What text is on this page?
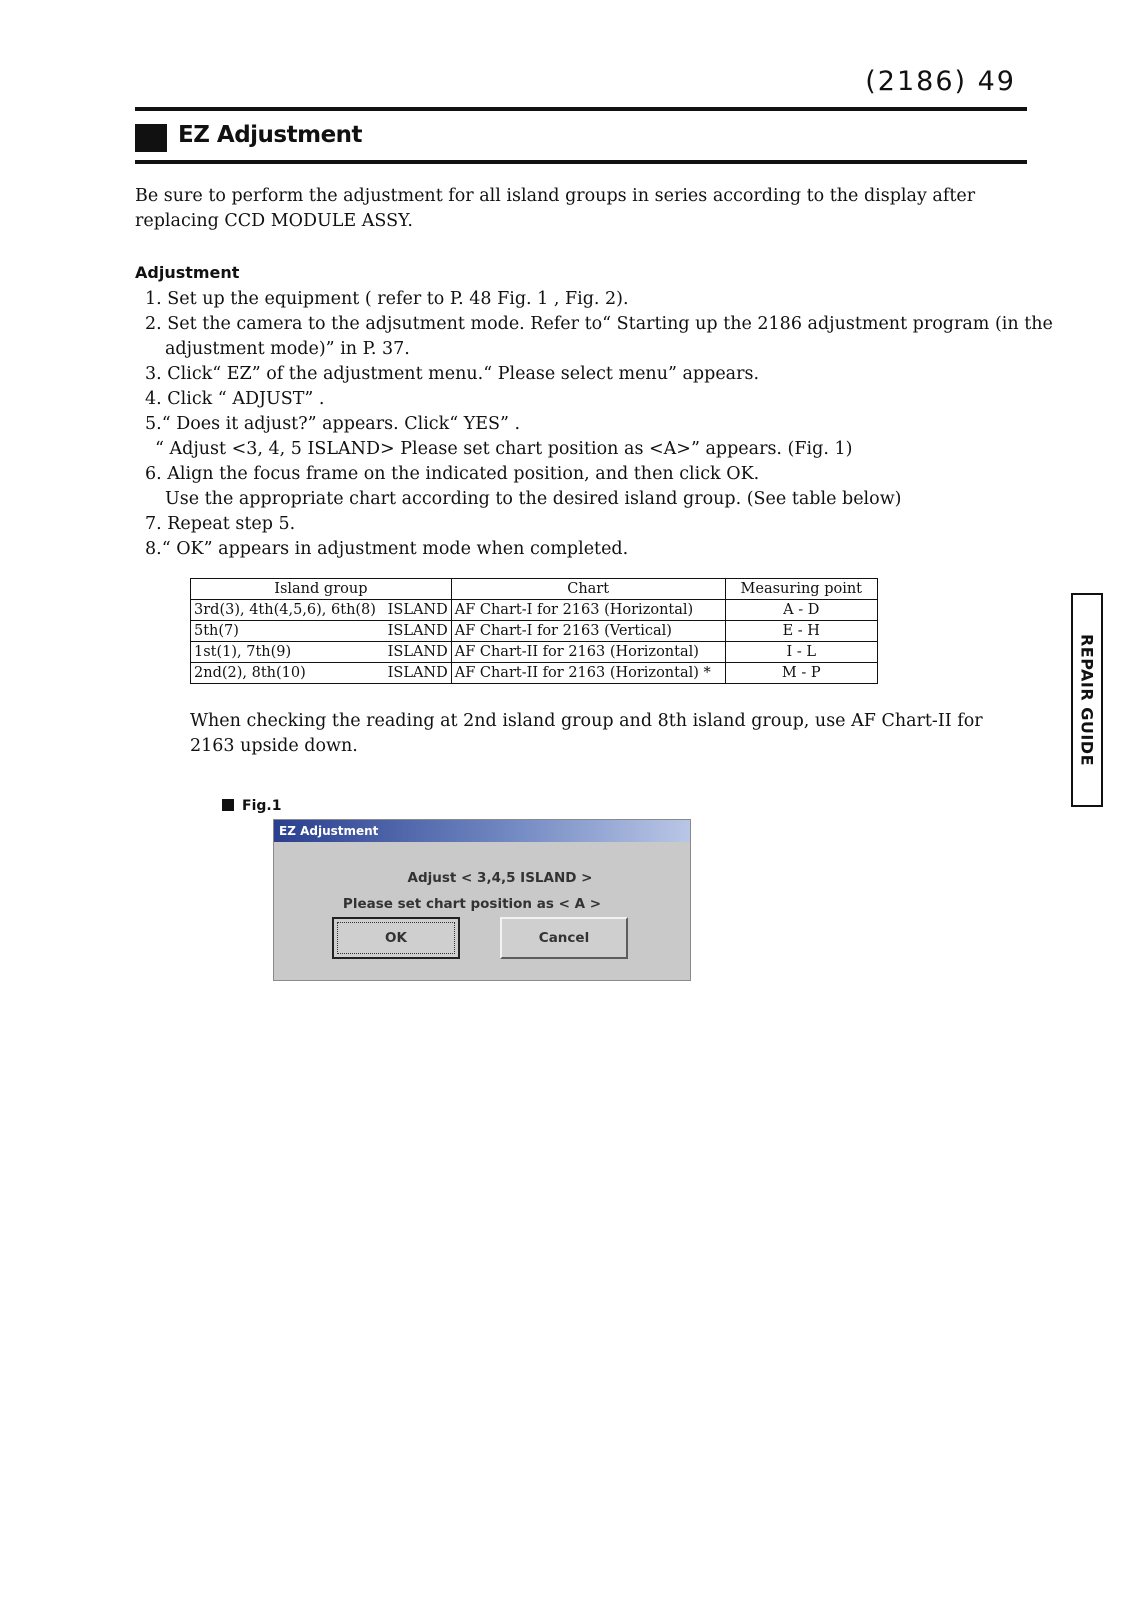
(2186) 49
EZ Adjustment
Be sure to perform the adjustment for all island groups in series according to the display after replacing CCD MODULE ASSY.
Adjustment
1. Set up the equipment ( refer to P. 48 Fig. 1 , Fig. 2).
2. Set the camera to the adjsutment mode. Refer to“ Starting up the 2186 adjustment program (in the
adjustment mode)” in P. 37.
3. Click“ EZ” of the adjustment menu.“ Please select menu” appears.
4. Click “ ADJUST” .
5.“ Does it adjust?” appears. Click“ YES” .
“ Adjust <3, 4, 5 ISLAND> Please set chart position as <A>” appears. (Fig. 1)
6. Align the focus frame on the indicated position, and then click OK.
Use the appropriate chart according to the desired island group. (See table below)
7. Repeat step 5.
8.“ OK” appears in adjustment mode when completed.
Island group	Chart	Measuring point

3rd(3), 4th(4,5,6), 6th(8) ISLAND	AF Chart-I for 2163 (Horizontal)	A - D

5th(7) ISLAND	AF Chart-I for 2163 (Vertical)	E - H

1st(1), 7th(9) ISLAND	AF Chart-II for 2163 (Horizontal)	I - L

2nd(2), 8th(10) ISLAND	AF Chart-II for 2163 (Horizontal) *	M - P
When checking the reading at 2nd island group and 8th island group, use AF Chart-II for 2163 upside down.
Fig.1
EZ Adjustment
Adjust < 3,4,5 ISLAND >
Please set chart position as < A >
OK	Cancel
REPAIR GUIDE
